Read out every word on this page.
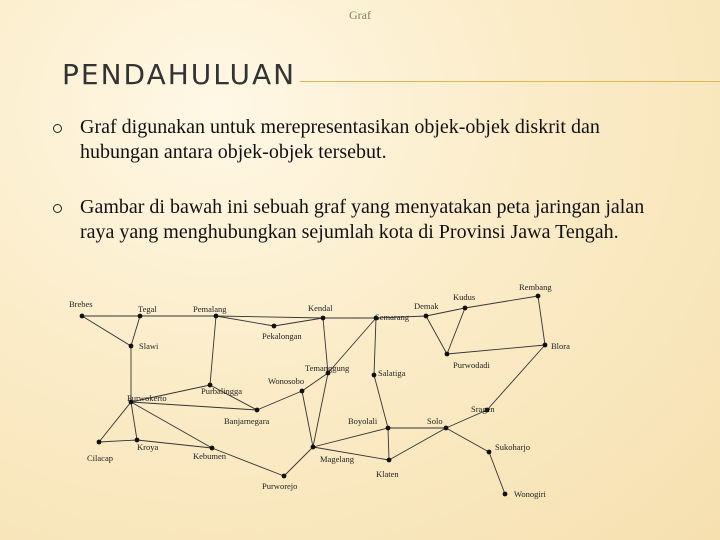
Graf
PENDAHULUAN
Graf digunakan untuk merepresentasikan objek-objek diskrit dan hubungan antara objek-objek tersebut.
Gambar di bawah ini sebuah graf yang menyatakan peta jaringan jalan raya yang menghubungkan sejumlah kota di Provinsi Jawa Tengah.
Brebes	Tegal	Pemalang
Pekalongan
Kendal
Semarang
Demak
Kudus
Rembang
Slawi	Blora
Purwodadi
Temanggung
Wonosobo
Salatiga
Purbalingga
Purwokerto
Banjarnegara	Boyolali	Solo
Sragen
Cilacap
Kroya
Kebumen	Magelang
Sukoharjo
Klaten
Purworejo
Wonogiri
